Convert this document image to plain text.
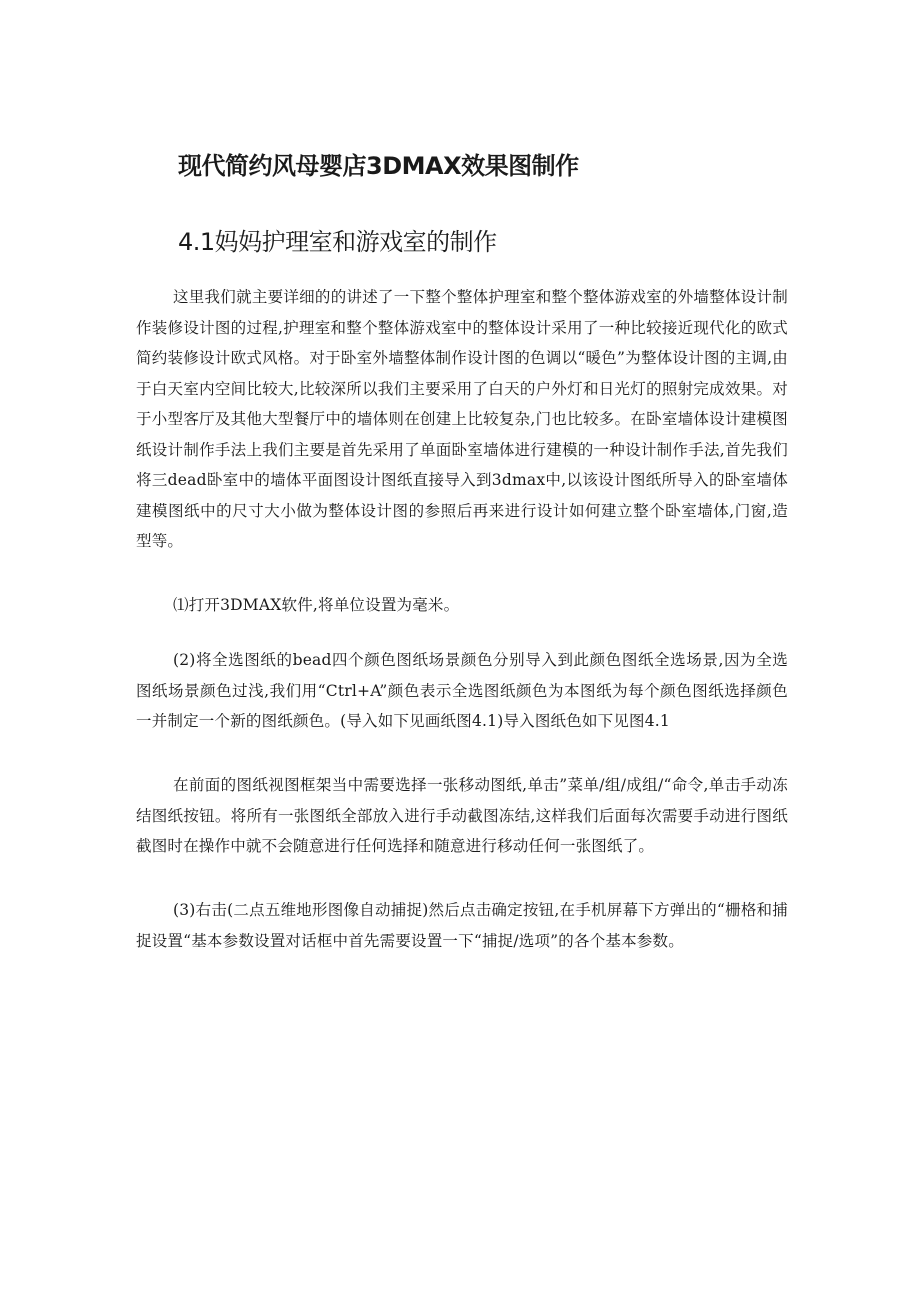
现代简约风母婴店3DMAX效果图制作
4.1妈妈护理室和游戏室的制作

这里我们就主要详细的的讲述了一下整个整体护理室和整个整体游戏室的外墙整体设计制作装修设计图的过程,护理室和整个整体游戏室中的整体设计采用了一种比较接近现代化的欧式简约装修设计欧式风格。对于卧室外墙整体制作设计图的色调以“暖色”为整体设计图的主调,由于白天室内空间比较大,比较深所以我们主要采用了白天的户外灯和日光灯的照射完成效果。对于小型客厅及其他大型餐厅中的墙体则在创建上比较复杂,门也比较多。在卧室墙体设计建模图纸设计制作手法上我们主要是首先采用了单面卧室墙体进行建模的一种设计制作手法,首先我们将三dead卧室中的墙体平面图设计图纸直接导入到3dmax中,以该设计图纸所导入的卧室墙体建模图纸中的尺寸大小做为整体设计图的参照后再来进行设计如何建立整个卧室墙体,门窗,造型等。

⑴打开3DMAX软件,将单位设置为毫米。

(2)将全选图纸的bead四个颜色图纸场景颜色分别导入到此颜色图纸全选场景,因为全选图纸场景颜色过浅,我们用“Ctrl+A”颜色表示全选图纸颜色为本图纸为每个颜色图纸选择颜色一并制定一个新的图纸颜色。(导入如下见画纸图4.1)导入图纸色如下见图4.1

在前面的图纸视图框架当中需要选择一张移动图纸,单击”菜单/组/成组/“命令,单击手动冻结图纸按钮。将所有一张图纸全部放入进行手动截图冻结,这样我们后面每次需要手动进行图纸截图时在操作中就不会随意进行任何选择和随意进行移动任何一张图纸了。

(3)右击(二点五维地形图像自动捕捉)然后点击确定按钮,在手机屏幕下方弹出的“栅格和捕捉设置“基本参数设置对话框中首先需要设置一下“捕捉/选项”的各个基本参数。
